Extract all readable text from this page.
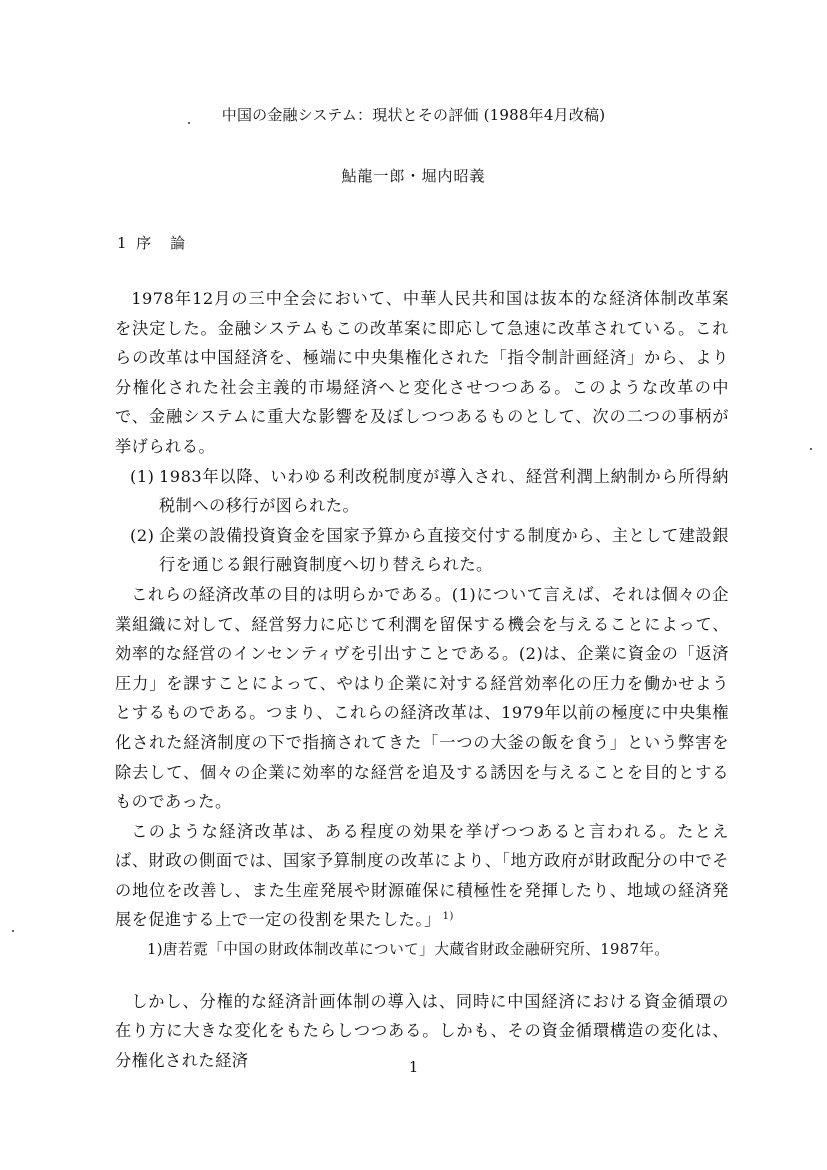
中国の金融システム：現状とその評価 (1988年4月改稿)
鮎龍一郎・堀内昭義
1  序    論

1978年12月の三中全会において、中華人民共和国は抜本的な経済体制改革案を決定した。金融システムもこの改革案に即応して急速に改革されている。これらの改革は中国経済を、極端に中央集権化された「指令制計画経済」から、より分権化された社会主義的市場経済へと変化させつつある。このような改革の中で、金融システムに重大な影響を及ぼしつつあるものとして、次の二つの事柄が挙げられる。

(1) 1983年以降、いわゆる利改税制度が導入され、経営利潤上納制から所得納税制への移行が図られた。

(2) 企業の設備投資資金を国家予算から直接交付する制度から、主として建設銀行を通じる銀行融資制度へ切り替えられた。

これらの経済改革の目的は明らかである。(1)について言えば、それは個々の企業組織に対して、経営努力に応じて利潤を留保する機会を与えることによって、効率的な経営のインセンティヴを引出すことである。(2)は、企業に資金の「返済圧力」を課すことによって、やはり企業に対する経営効率化の圧力を働かせようとするものである。つまり、これらの経済改革は、1979年以前の極度に中央集権化された経済制度の下で指摘されてきた「一つの大釜の飯を食う」という弊害を除去して、個々の企業に効率的な経営を追及する誘因を与えることを目的とするものであった。

このような経済改革は、ある程度の効果を挙げつつあると言われる。たとえば、財政の側面では、国家予算制度の改革により、「地方政府が財政配分の中でその地位を改善し、また生産発展や財源確保に積極性を発揮したり、地域の経済発展を促進する上で一定の役割を果たした。」 $^{1)}$

1)唐若霓「中国の財政体制改革について」大蔵省財政金融研究所、1987年。

しかし、分権的な経済計画体制の導入は、同時に中国経済における資金循環の在り方に大きな変化をもたらしつつある。しかも、その資金循環構造の変化は、分権化された経済	1
